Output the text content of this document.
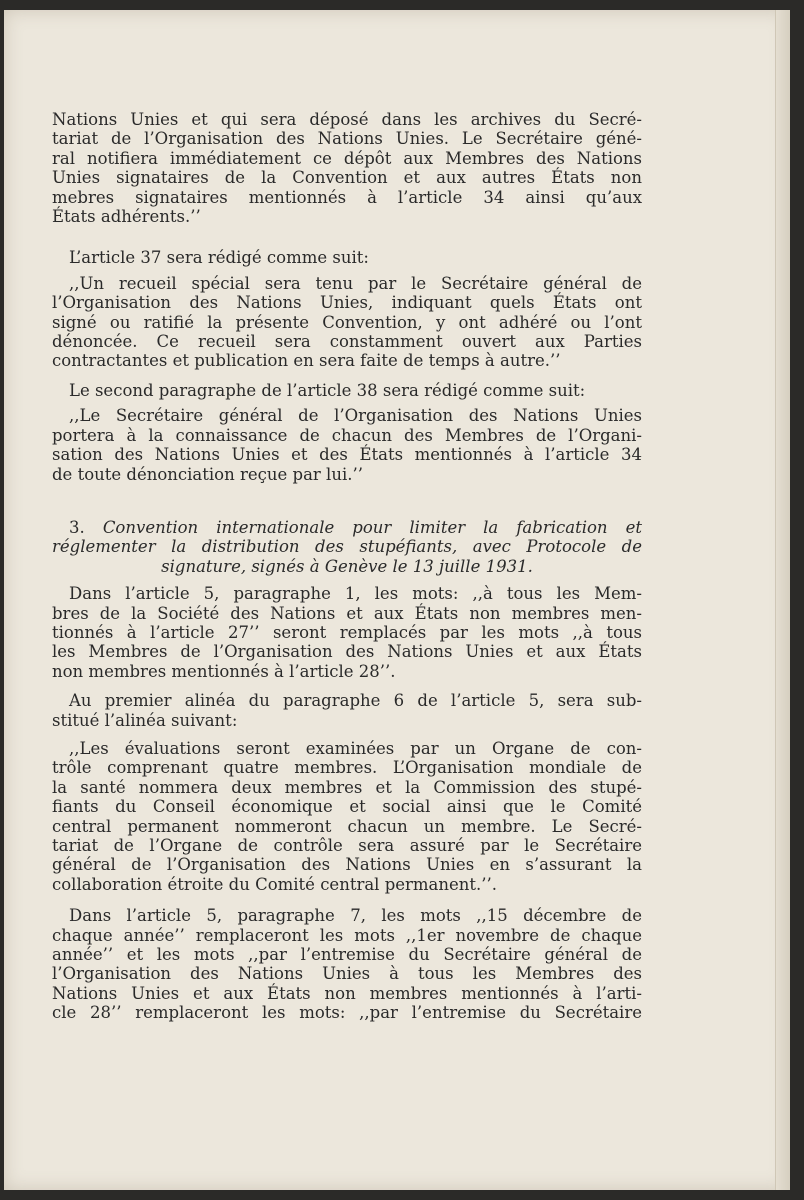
Nations Unies et qui sera déposé dans les archives du Secré-
tariat de l’Organisation des Nations Unies. Le Secrétaire géné-
ral notifiera immédiatement ce dépôt aux Membres des Nations
Unies signataires de la Convention et aux autres États non
mebres signataires mentionnés à l’article 34 ainsi qu’aux
États adhérents.’’
L’article 37 sera rédigé comme suit:
,,Un recueil spécial sera tenu par le Secrétaire général de
l’Organisation des Nations Unies, indiquant quels États ont
signé ou ratifié la présente Convention, y ont adhéré ou l’ont
dénoncée. Ce recueil sera constamment ouvert aux Parties
contractantes et publication en sera faite de temps à autre.’’
Le second paragraphe de l’article 38 sera rédigé comme suit:
,,Le Secrétaire général de l’Organisation des Nations Unies
portera à la connaissance de chacun des Membres de l’Organi-
sation des Nations Unies et des États mentionnés à l’article 34
de toute dénonciation reçue par lui.’’
3. Convention internationale pour limiter la fabrication et
réglementer la distribution des stupéfiants, avec Protocole de
signature, signés à Genève le 13 juille 1931.
Dans l’article 5, paragraphe 1, les mots: ,,à tous les Mem-
bres de la Société des Nations et aux États non membres men-
tionnés à l’article 27’’ seront remplacés par les mots ,,à tous
les Membres de l’Organisation des Nations Unies et aux États
non membres mentionnés à l’article 28’’.
Au premier alinéa du paragraphe 6 de l’article 5, sera sub-
stitué l’alinéa suivant:
,,Les évaluations seront examinées par un Organe de con-
trôle comprenant quatre membres. L’Organisation mondiale de
la santé nommera deux membres et la Commission des stupé-
fiants du Conseil économique et social ainsi que le Comité
central permanent nommeront chacun un membre. Le Secré-
tariat de l’Organe de contrôle sera assuré par le Secrétaire
général de l’Organisation des Nations Unies en s’assurant la
collaboration étroite du Comité central permanent.’’.
Dans l’article 5, paragraphe 7, les mots ,,15 décembre de
chaque année’’ remplaceront les mots ,,1er novembre de chaque
année’’ et les mots ,,par l’entremise du Secrétaire général de
l’Organisation des Nations Unies à tous les Membres des
Nations Unies et aux États non membres mentionnés à l’arti-
cle 28’’ remplaceront les mots: ,,par l’entremise du Secrétaire
